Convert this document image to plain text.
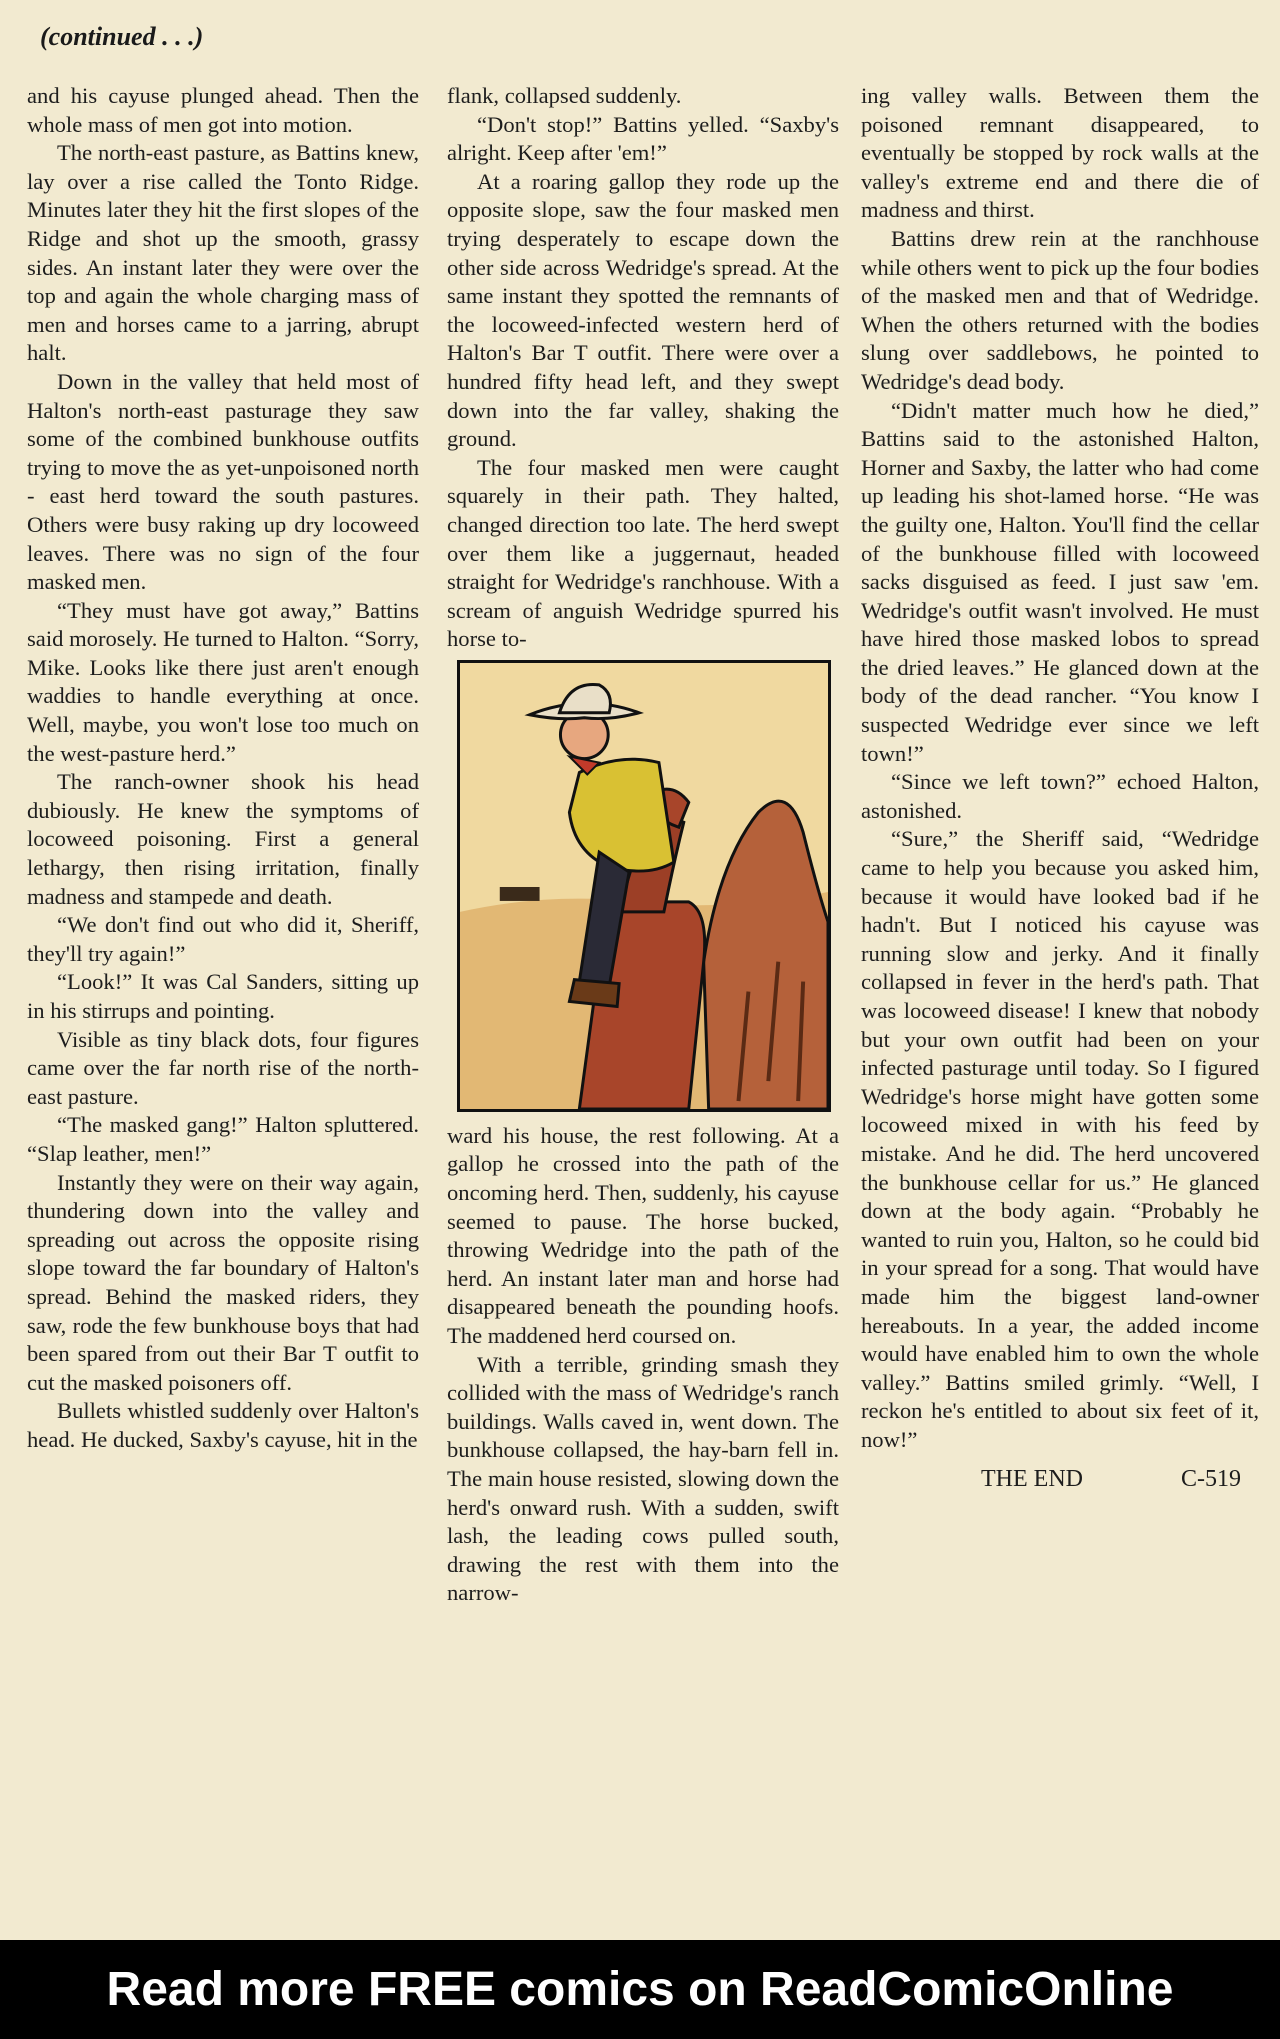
(continued . . .)

and his cayuse plunged ahead. Then the whole mass of men got into motion.

The north-east pasture, as Battins knew, lay over a rise called the Tonto Ridge. Minutes later they hit the first slopes of the Ridge and shot up the smooth, grassy sides. An instant later they were over the top and again the whole charging mass of men and horses came to a jarring, abrupt halt.

Down in the valley that held most of Halton's north-east pasturage they saw some of the combined bunkhouse outfits trying to move the as yet-unpoisoned north - east herd toward the south pastures. Others were busy raking up dry locoweed leaves. There was no sign of the four masked men.

“They must have got away,” Battins said morosely. He turned to Halton. “Sorry, Mike. Looks like there just aren't enough waddies to handle everything at once. Well, maybe, you won't lose too much on the west-pasture herd.”

The ranch-owner shook his head dubiously. He knew the symptoms of locoweed poisoning. First a general lethargy, then rising irritation, finally madness and stampede and death.

“We don't find out who did it, Sheriff, they'll try again!”

“Look!” It was Cal Sanders, sitting up in his stirrups and pointing.

Visible as tiny black dots, four figures came over the far north rise of the north-east pasture.

“The masked gang!” Halton spluttered. “Slap leather, men!”

Instantly they were on their way again, thundering down into the valley and spreading out across the opposite rising slope toward the far boundary of Halton's spread. Behind the masked riders, they saw, rode the few bunkhouse boys that had been spared from out their Bar T outfit to cut the masked poisoners off.

Bullets whistled suddenly over Halton's head. He ducked, Saxby's cayuse, hit in the

flank, collapsed suddenly.

“Don't stop!” Battins yelled. “Saxby's alright. Keep after 'em!”

At a roaring gallop they rode up the opposite slope, saw the four masked men trying desperately to escape down the other side across Wedridge's spread. At the same instant they spotted the remnants of the locoweed-infected western herd of Halton's Bar T outfit. There were over a hundred fifty head left, and they swept down into the far valley, shaking the ground.

The four masked men were caught squarely in their path. They halted, changed direction too late. The herd swept over them like a juggernaut, headed straight for Wedridge's ranchhouse. With a scream of anguish Wedridge spurred his horse to-

ward his house, the rest following. At a gallop he crossed into the path of the oncoming herd. Then, suddenly, his cayuse seemed to pause. The horse bucked, throwing Wedridge into the path of the herd. An instant later man and horse had disappeared beneath the pounding hoofs. The maddened herd coursed on.

With a terrible, grinding smash they collided with the mass of Wedridge's ranch buildings. Walls caved in, went down. The bunkhouse collapsed, the hay-barn fell in. The main house resisted, slowing down the herd's onward rush. With a sudden, swift lash, the leading cows pulled south, drawing the rest with them into the narrow-

ing valley walls. Between them the poisoned remnant disappeared, to eventually be stopped by rock walls at the valley's extreme end and there die of madness and thirst.

Battins drew rein at the ranchhouse while others went to pick up the four bodies of the masked men and that of Wedridge. When the others returned with the bodies slung over saddlebows, he pointed to Wedridge's dead body.

“Didn't matter much how he died,” Battins said to the astonished Halton, Horner and Saxby, the latter who had come up leading his shot-lamed horse. “He was the guilty one, Halton. You'll find the cellar of the bunkhouse filled with locoweed sacks disguised as feed. I just saw 'em. Wedridge's outfit wasn't involved. He must have hired those masked lobos to spread the dried leaves.” He glanced down at the body of the dead rancher. “You know I suspected Wedridge ever since we left town!”

“Since we left town?” echoed Halton, astonished.

“Sure,” the Sheriff said, “Wedridge came to help you because you asked him, because it would have looked bad if he hadn't. But I noticed his cayuse was running slow and jerky. And it finally collapsed in fever in the herd's path. That was locoweed disease! I knew that nobody but your own outfit had been on your infected pasturage until today. So I figured Wedridge's horse might have gotten some locoweed mixed in with his feed by mistake. And he did. The herd uncovered the bunkhouse cellar for us.” He glanced down at the body again. “Probably he wanted to ruin you, Halton, so he could bid in your spread for a song. That would have made him the biggest land-owner hereabouts. In a year, the added income would have enabled him to own the whole valley.” Battins smiled grimly. “Well, I reckon he's entitled to about six feet of it, now!”

THE END	C-519
Read more FREE comics on ReadComicOnline
